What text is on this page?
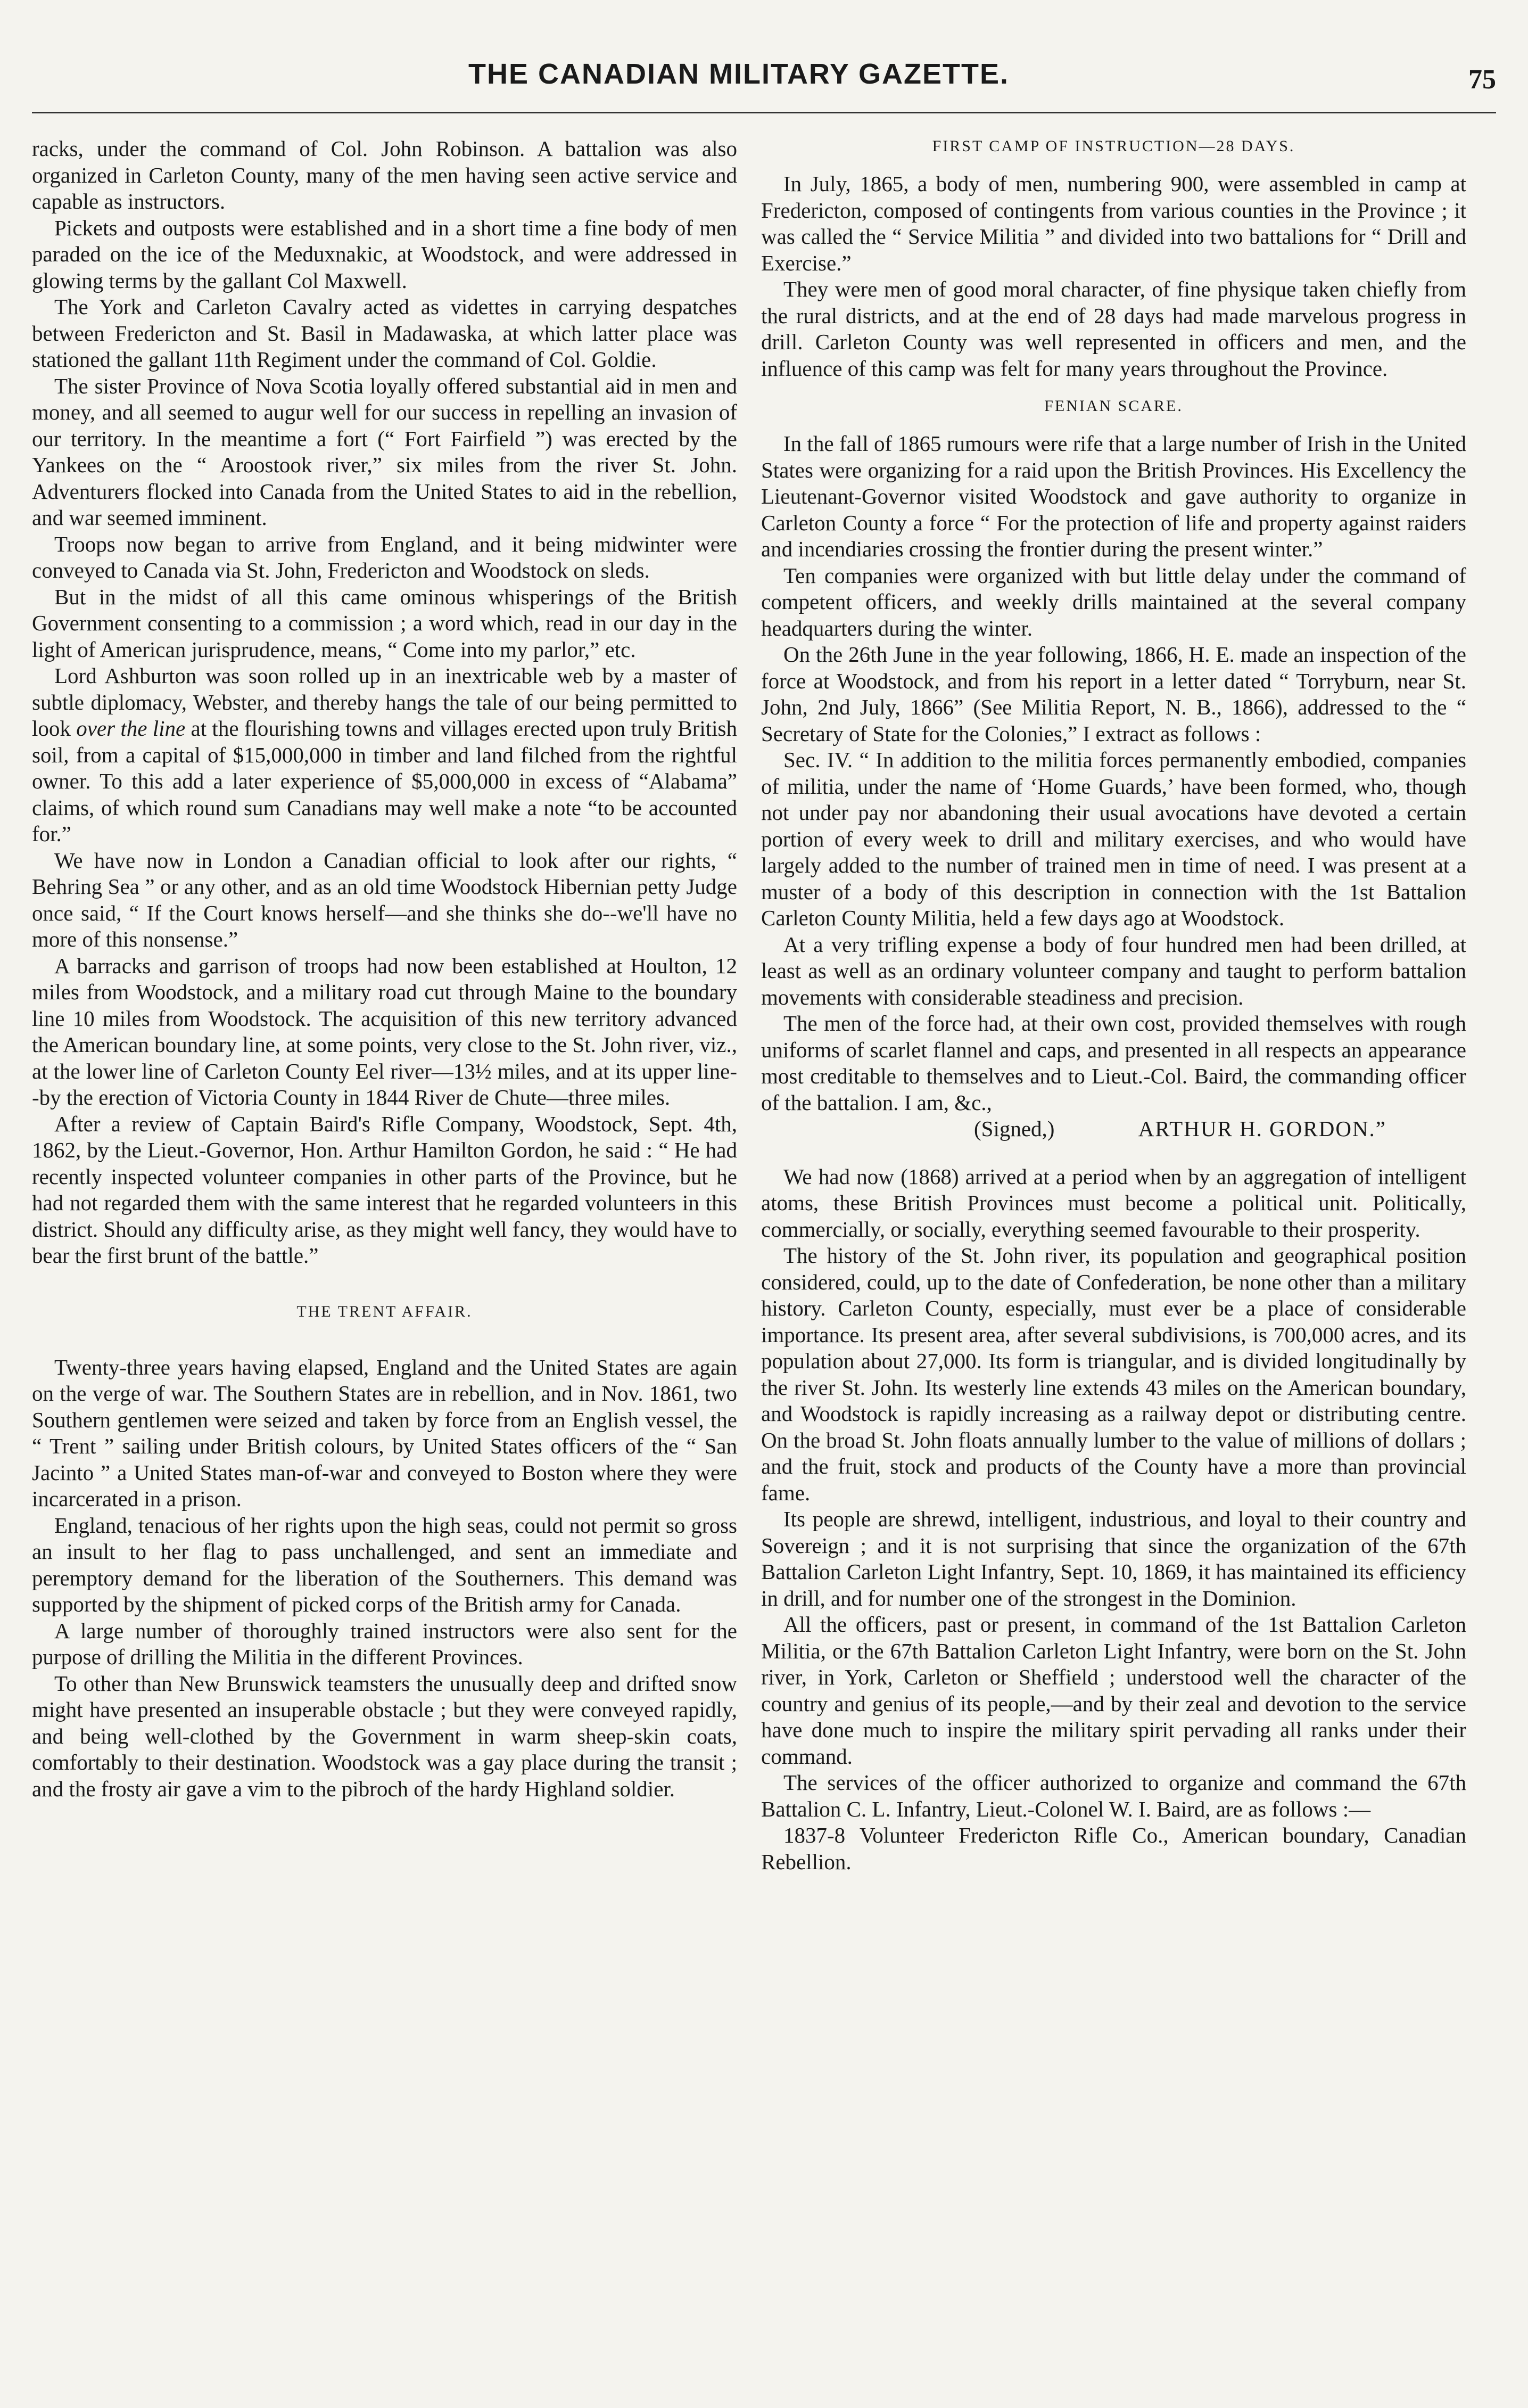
THE CANADIAN MILITARY GAZETTE.	75

racks, under the command of Col. John Robinson. A battalion was also organized in Carleton County, many of the men having seen active service and capable as instructors.

Pickets and outposts were established and in a short time a fine body of men paraded on the ice of the Meduxnakic, at Woodstock, and were addressed in glowing terms by the gallant Col Maxwell.

The York and Carleton Cavalry acted as videttes in carrying despatches between Fredericton and St. Basil in Madawaska, at which latter place was stationed the gallant 11th Regiment under the command of Col. Goldie.

The sister Province of Nova Scotia loyally offered substantial aid in men and money, and all seemed to augur well for our success in repelling an invasion of our territory. In the meantime a fort (“ Fort Fairfield ”) was erected by the Yankees on the “ Aroostook river,” six miles from the river St. John. Adventurers flocked into Canada from the United States to aid in the rebellion, and war seemed imminent.

Troops now began to arrive from England, and it being midwinter were conveyed to Canada via St. John, Fredericton and Woodstock on sleds.

But in the midst of all this came ominous whisperings of the British Government consenting to a commission ; a word which, read in our day in the light of American jurisprudence, means, “ Come into my parlor,” etc.

Lord Ashburton was soon rolled up in an inextricable web by a master of subtle diplomacy, Webster, and thereby hangs the tale of our being permitted to look over the line at the flourishing towns and villages erected upon truly British soil, from a capital of $15,000,000 in timber and land filched from the rightful owner. To this add a later experience of $5,000,000 in excess of “Alabama” claims, of which round sum Canadians may well make a note “to be accounted for.”

We have now in London a Canadian official to look after our rights, “ Behring Sea ” or any other, and as an old time Woodstock Hibernian petty Judge once said, “ If the Court knows herself—and she thinks she do--we'll have no more of this nonsense.”

A barracks and garrison of troops had now been established at Houlton, 12 miles from Woodstock, and a military road cut through Maine to the boundary line 10 miles from Woodstock. The acquisition of this new territory advanced the American boundary line, at some points, very close to the St. John river, viz., at the lower line of Carleton County Eel river—13½ miles, and at its upper line--by the erection of Victoria County in 1844 River de Chute—three miles.

After a review of Captain Baird's Rifle Company, Woodstock, Sept. 4th, 1862, by the Lieut.-Governor, Hon. Arthur Hamilton Gordon, he said : “ He had recently inspected volunteer companies in other parts of the Province, but he had not regarded them with the same interest that he regarded volunteers in this district. Should any difficulty arise, as they might well fancy, they would have to bear the first brunt of the battle.”

THE TRENT AFFAIR.

Twenty-three years having elapsed, England and the United States are again on the verge of war. The Southern States are in rebellion, and in Nov. 1861, two Southern gentlemen were seized and taken by force from an English vessel, the “ Trent ” sailing under British colours, by United States officers of the “ San Jacinto ” a United States man-of-war and conveyed to Boston where they were incarcerated in a prison.

England, tenacious of her rights upon the high seas, could not permit so gross an insult to her flag to pass unchallenged, and sent an immediate and peremptory demand for the liberation of the Southerners. This demand was supported by the shipment of picked corps of the British army for Canada.

A large number of thoroughly trained instructors were also sent for the purpose of drilling the Militia in the different Provinces.

To other than New Brunswick teamsters the unusually deep and drifted snow might have presented an insuperable obstacle ; but they were conveyed rapidly, and being well-clothed by the Government in warm sheep-skin coats, comfortably to their destination. Woodstock was a gay place during the transit ; and the frosty air gave a vim to the pibroch of the hardy Highland soldier.

FIRST CAMP OF INSTRUCTION—28 DAYS.

In July, 1865, a body of men, numbering 900, were assembled in camp at Fredericton, composed of contingents from various counties in the Province ; it was called the “ Service Militia ” and divided into two battalions for “ Drill and Exercise.”

They were men of good moral character, of fine physique taken chiefly from the rural districts, and at the end of 28 days had made marvelous progress in drill. Carleton County was well represented in officers and men, and the influence of this camp was felt for many years throughout the Province.

FENIAN SCARE.

In the fall of 1865 rumours were rife that a large number of Irish in the United States were organizing for a raid upon the British Provinces. His Excellency the Lieutenant-Governor visited Woodstock and gave authority to organize in Carleton County a force “ For the protection of life and property against raiders and incendiaries crossing the frontier during the present winter.”

Ten companies were organized with but little delay under the command of competent officers, and weekly drills maintained at the several company headquarters during the winter.

On the 26th June in the year following, 1866, H. E. made an inspection of the force at Woodstock, and from his report in a letter dated “ Torryburn, near St. John, 2nd July, 1866” (See Militia Report, N. B., 1866), addressed to the “ Secretary of State for the Colonies,” I extract as follows :

Sec. IV. “ In addition to the militia forces permanently embodied, companies of militia, under the name of ‘Home Guards,’ have been formed, who, though not under pay nor abandoning their usual avocations have devoted a certain portion of every week to drill and military exercises, and who would have largely added to the number of trained men in time of need. I was present at a muster of a body of this description in connection with the 1st Battalion Carleton County Militia, held a few days ago at Woodstock.

At a very trifling expense a body of four hundred men had been drilled, at least as well as an ordinary volunteer company and taught to perform battalion movements with considerable steadiness and precision.

The men of the force had, at their own cost, provided themselves with rough uniforms of scarlet flannel and caps, and presented in all respects an appearance most creditable to themselves and to Lieut.-Col. Baird, the commanding officer of the battalion. I am, &c.,

(Signed,)	ARTHUR H. GORDON.”

We had now (1868) arrived at a period when by an aggregation of intelligent atoms, these British Provinces must become a political unit. Politically, commercially, or socially, everything seemed favourable to their prosperity.

The history of the St. John river, its population and geographical position considered, could, up to the date of Confederation, be none other than a military history. Carleton County, especially, must ever be a place of considerable importance. Its present area, after several subdivisions, is 700,000 acres, and its population about 27,000. Its form is triangular, and is divided longitudinally by the river St. John. Its westerly line extends 43 miles on the American boundary, and Woodstock is rapidly increasing as a railway depot or distributing centre. On the broad St. John floats annually lumber to the value of millions of dollars ; and the fruit, stock and products of the County have a more than provincial fame.

Its people are shrewd, intelligent, industrious, and loyal to their country and Sovereign ; and it is not surprising that since the organization of the 67th Battalion Carleton Light Infantry, Sept. 10, 1869, it has maintained its efficiency in drill, and for number one of the strongest in the Dominion.

All the officers, past or present, in command of the 1st Battalion Carleton Militia, or the 67th Battalion Carleton Light Infantry, were born on the St. John river, in York, Carleton or Sheffield ; understood well the character of the country and genius of its people,—and by their zeal and devotion to the service have done much to inspire the military spirit pervading all ranks under their command.

The services of the officer authorized to organize and command the 67th Battalion C. L. Infantry, Lieut.-Colonel W. I. Baird, are as follows :—

1837-8 Volunteer Fredericton Rifle Co., American boundary, Canadian Rebellion.
